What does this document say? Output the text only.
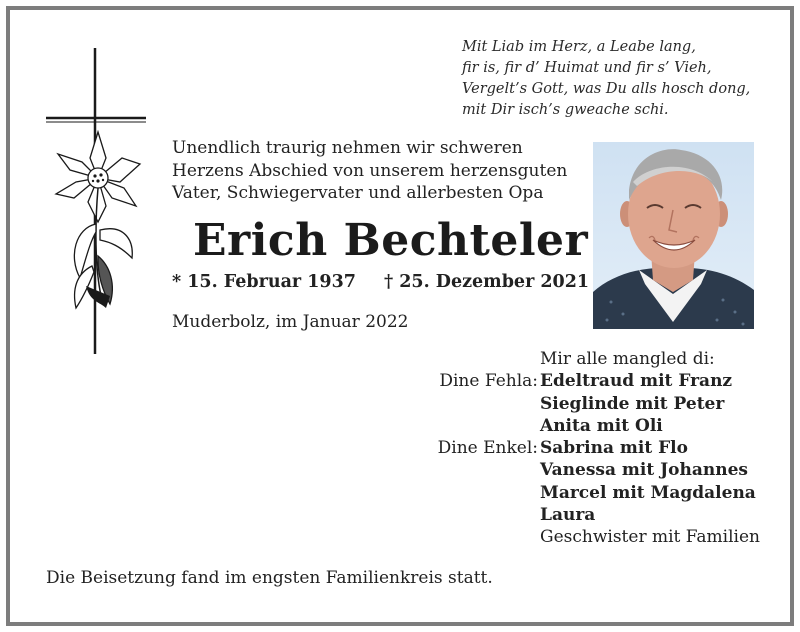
Mit Liab im Herz, a Leabe lang,
fir is, fir d’ Huimat und fir s’ Vieh,
Vergelt’s Gott, was Du alls hosch dong,
mit Dir isch’s gweache schi.
Unendlich traurig nehmen wir schweren
Herzens Abschied von unserem herzensguten
Vater, Schwiegervater und allerbesten Opa
Erich Bechteler
* 15. Februar 1937 † 25. Dezember 2021
Muderbolz, im Januar 2022
Mir alle mangled di:
Dine Fehla: Edeltraud mit Franz
Sieglinde mit Peter
Anita mit Oli
Dine Enkel: Sabrina mit Flo
Vanessa mit Johannes
Marcel mit Magdalena
Laura
Geschwister mit Familien
Die Beisetzung fand im engsten Familienkreis statt.
